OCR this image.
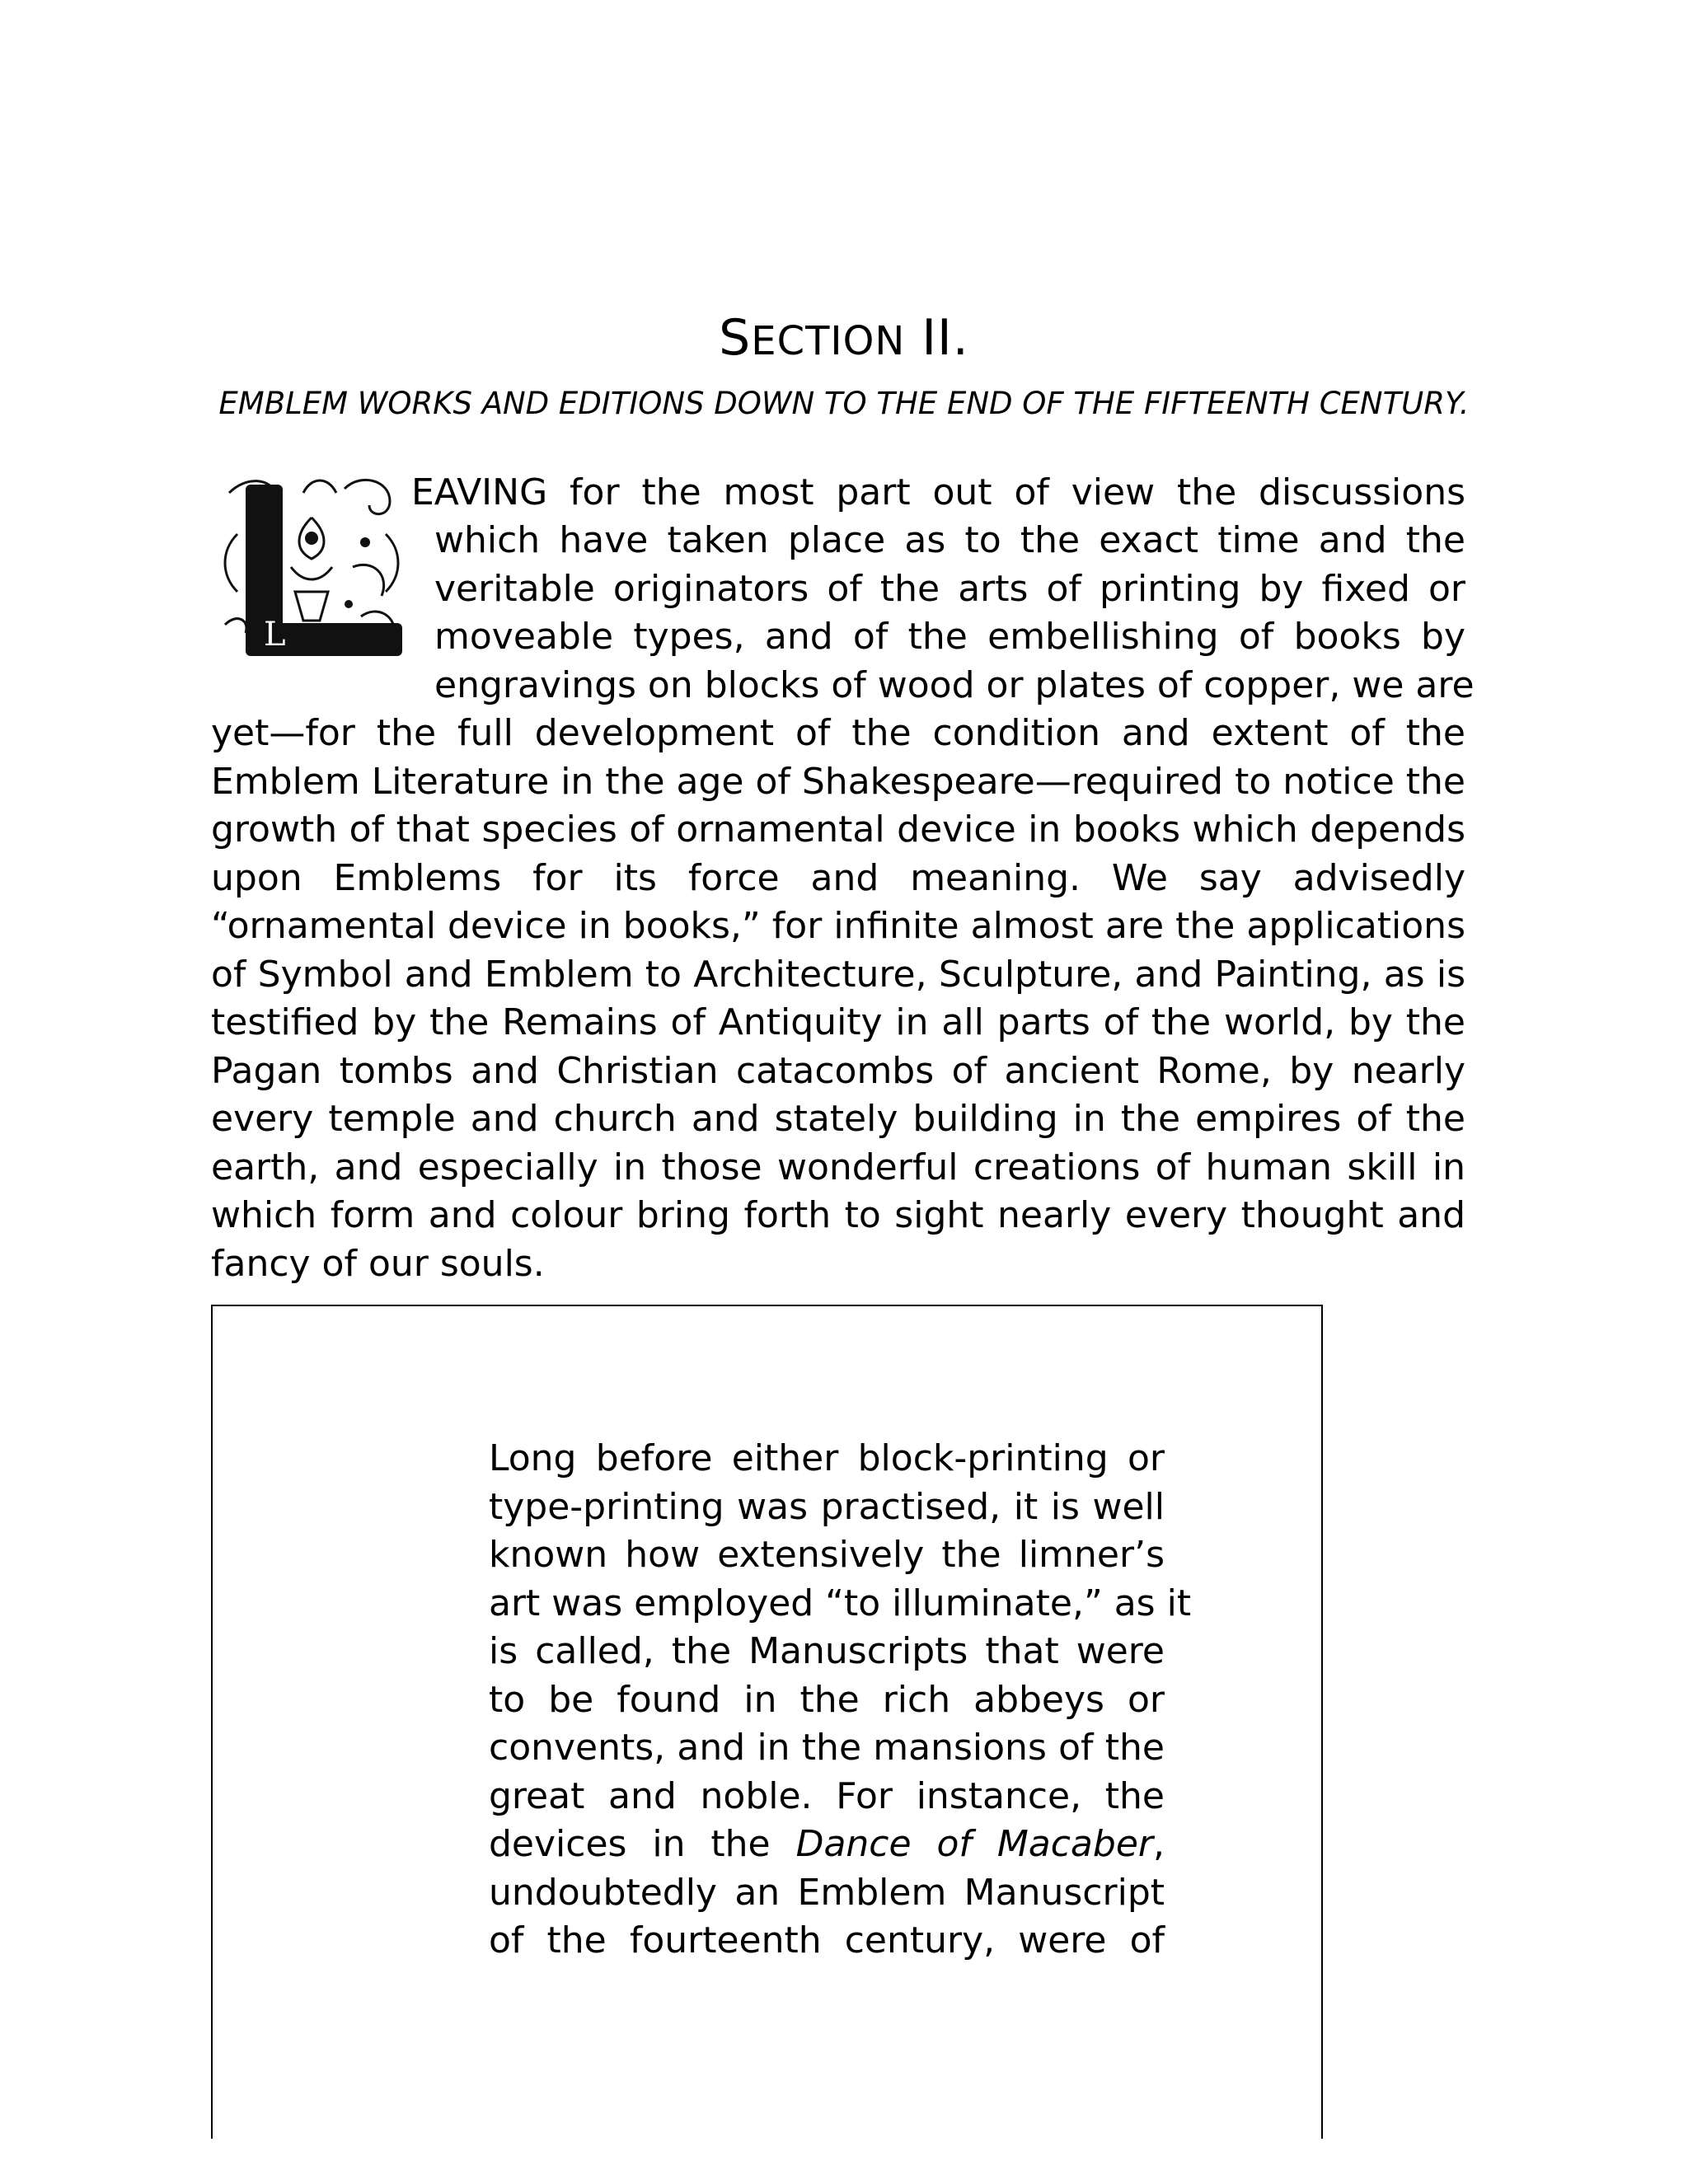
SECTION II.
EMBLEM WORKS AND EDITIONS DOWN TO THE END OF THE FIFTEENTH CENTURY.
L
EAVING for the most part out of view the discussions
which have taken place as to the exact time and the
veritable originators of the arts of printing by fixed or
moveable types, and of the embellishing of books by
engravings on blocks of wood or plates of copper, we are
yet—for the full development of the condition and extent of the
Emblem Literature in the age of Shakespeare—required to notice the
growth of that species of ornamental device in books which depends
upon Emblems for its force and meaning. We say advisedly
“ornamental device in books,” for infinite almost are the applications
of Symbol and Emblem to Architecture, Sculpture, and Painting, as is
testified by the Remains of Antiquity in all parts of the world, by the
Pagan tombs and Christian catacombs of ancient Rome, by nearly
every temple and church and stately building in the empires of the
earth, and especially in those wonderful creations of human skill in
which form and colour bring forth to sight nearly every thought and
fancy of our souls.
Long before either block-printing or
type-printing was practised, it is well
known how extensively the limner’s
art was employed “to illuminate,” as it
is called, the Manuscripts that were
to be found in the rich abbeys or
convents, and in the mansions of the
great and noble. For instance, the
devices in the Dance of Macaber,
undoubtedly an Emblem Manuscript
of the fourteenth century, were of
